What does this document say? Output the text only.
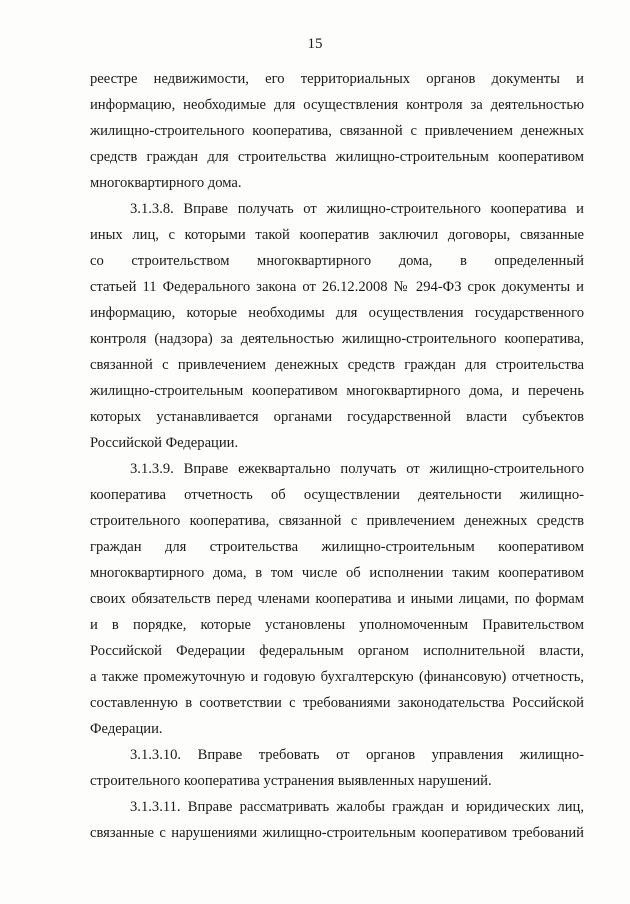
15
реестре недвижимости, его территориальных органов документы и
информацию, необходимые для осуществления контроля за деятельностью
жилищно-строительного кооператива, связанной с привлечением денежных
средств граждан для строительства жилищно-строительным кооперативом
многоквартирного дома.
3.1.3.8. Вправе получать от жилищно-строительного кооператива и
иных лиц, с которыми такой кооператив заключил договоры, связанные
со строительством многоквартирного дома, в определенный
статьей 11 Федерального закона от 26.12.2008 № 294-ФЗ срок документы и
информацию, которые необходимы для осуществления государственного
контроля (надзора) за деятельностью жилищно-строительного кооператива,
связанной с привлечением денежных средств граждан для строительства
жилищно-строительным кооперативом многоквартирного дома, и перечень
которых устанавливается органами государственной власти субъектов
Российской Федерации.
3.1.3.9. Вправе ежеквартально получать от жилищно-строительного
кооператива отчетность об осуществлении деятельности жилищно-
строительного кооператива, связанной с привлечением денежных средств
граждан для строительства жилищно-строительным кооперативом
многоквартирного дома, в том числе об исполнении таким кооперативом
своих обязательств перед членами кооператива и иными лицами, по формам
и в порядке, которые установлены уполномоченным Правительством
Российской Федерации федеральным органом исполнительной власти,
а также промежуточную и годовую бухгалтерскую (финансовую) отчетность,
составленную в соответствии с требованиями законодательства Российской
Федерации.
3.1.3.10. Вправе требовать от органов управления жилищно-
строительного кооператива устранения выявленных нарушений.
3.1.3.11. Вправе рассматривать жалобы граждан и юридических лиц,
связанные с нарушениями жилищно-строительным кооперативом требований
